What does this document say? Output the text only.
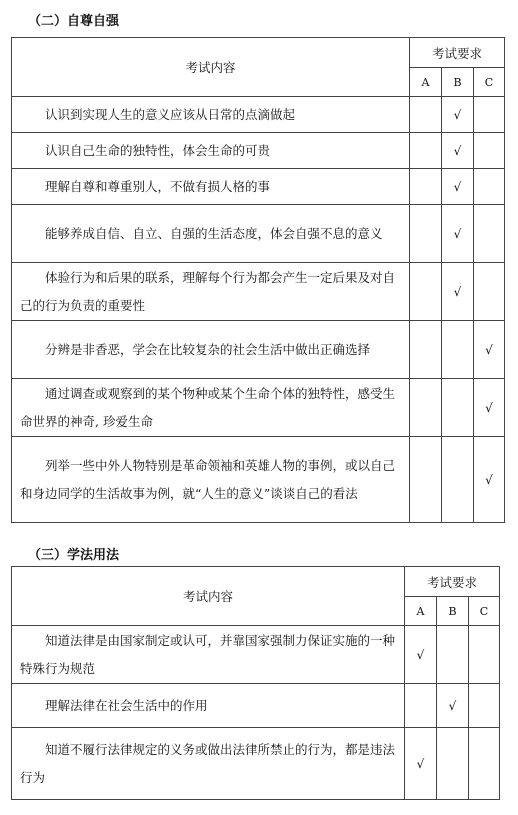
（二）自尊自强
考试内容	考试要求		
	A	B	C
认识到实现人生的意义应该从日常的点滴做起		√	
认识自己生命的独特性，体会生命的可贵		√	
理解自尊和尊重别人，不做有损人格的事		√	
能够养成自信、自立、自强的生活态度，体会自强不息的意义		√	
体验行为和后果的联系，理解每个行为都会产生一定后果及对自己的行为负责的重要性		√	
分辨是非香恶，学会在比较复杂的社会生活中做出正确选择			√
通过调查或观察到的某个物种或某个生命个体的独特性，感受生命世界的神奇, 珍爱生命			√
列举一些中外人物特别是革命领袖和英雄人物的事例，或以自己和身边同学的生活故事为例，就“人生的意义”谈谈自己的看法			√
（三）学法用法
考试内容	考试要求		
	A	B	C
知道法律是由国家制定或认可，并靠国家强制力保证实施的一种特殊行为规范	√		
理解法律在社会生活中的作用		√	
知道不履行法律规定的义务或做出法律所禁止的行为，都是违法行为	√		
